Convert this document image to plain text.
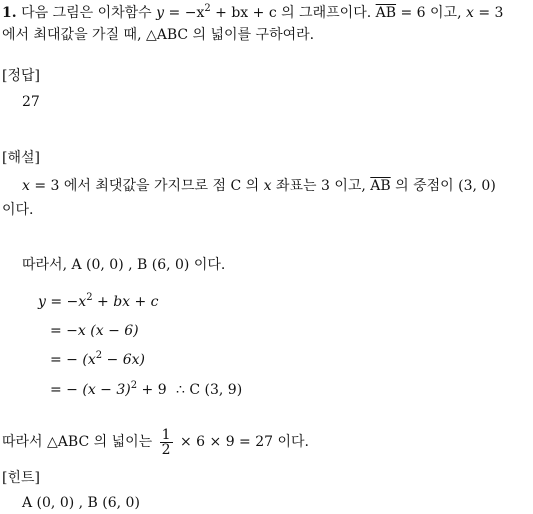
1. 다음 그림은 이차함수 $y = -x^2$ + bx + c 의 그래프이다. $\overline{AB} = 6$ 이고, x = 3
에서 최대값을 가질 때, △ABC 의 넓이를 구하여라.
[정답]
27
[해설]
x = 3 에서 최댓값을 가지므로 점 C 의 x 좌표는 3 이고, $\overline{AB}$ 의 중점이 (3, 0)
이다.
따라서, A (0, 0) , B (6, 0) 이다.
$y = -x^2$ + bx + c
= −x (x − 6)
= − $(x^2 - 6x)$
= − $(x - 3)^2 + 9$ ∴ C (3, 9)
따라서 △ABC 의 넓이는 $\frac{1}{2} \times 6 \times 9 = 27$ 이다.
[힌트]
A (0, 0) , B (6, 0)
